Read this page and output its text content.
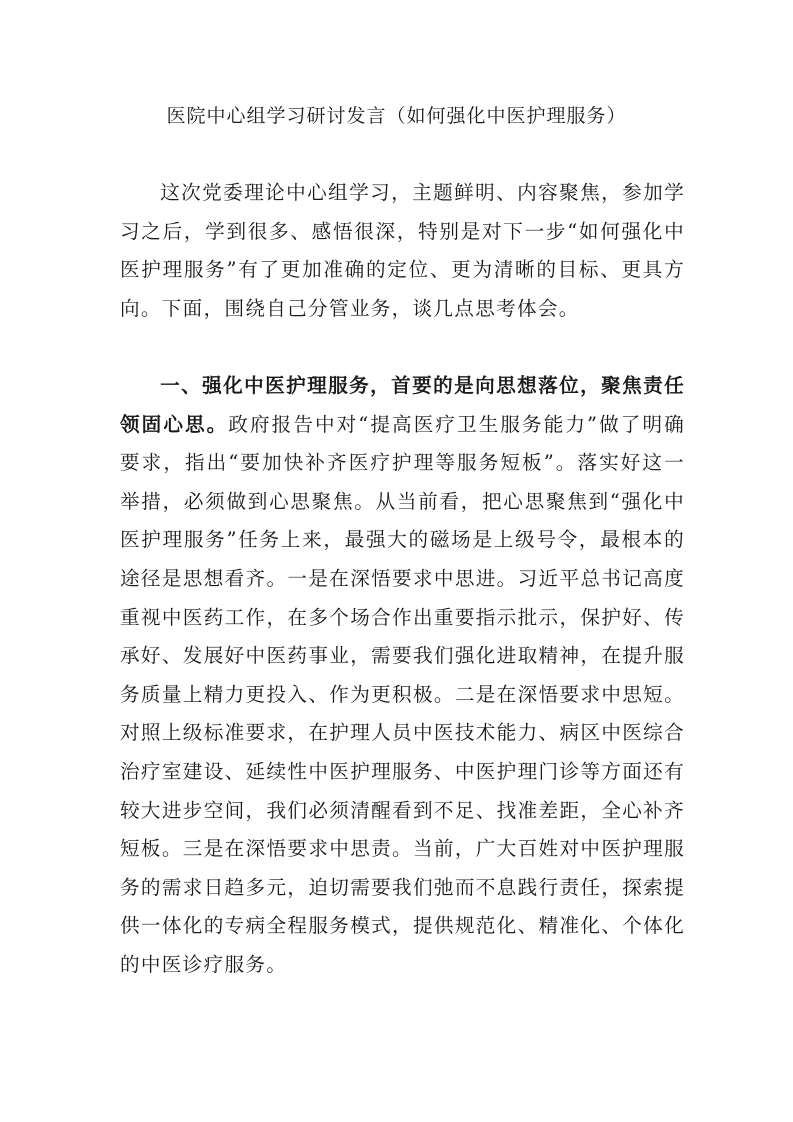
医院中心组学习研讨发言（如何强化中医护理服务）

这次党委理论中心组学习，主题鲜明、内容聚焦，参加学习之后，学到很多、感悟很深，特别是对下一步“如何强化中医护理服务”有了更加准确的定位、更为清晰的目标、更具方向。下面，围绕自己分管业务，谈几点思考体会。

一、强化中医护理服务，首要的是向思想落位，聚焦责任领固心思。政府报告中对“提高医疗卫生服务能力”做了明确要求，指出“要加快补齐医疗护理等服务短板”。落实好这一举措，必须做到心思聚焦。从当前看，把心思聚焦到“强化中医护理服务”任务上来，最强大的磁场是上级号令，最根本的途径是思想看齐。一是在深悟要求中思进。习近平总书记高度重视中医药工作，在多个场合作出重要指示批示，保护好、传承好、发展好中医药事业，需要我们强化进取精神，在提升服务质量上精力更投入、作为更积极。二是在深悟要求中思短。对照上级标准要求，在护理人员中医技术能力、病区中医综合治疗室建设、延续性中医护理服务、中医护理门诊等方面还有较大进步空间，我们必须清醒看到不足、找准差距，全心补齐短板。三是在深悟要求中思责。当前，广大百姓对中医护理服务的需求日趋多元，迫切需要我们弛而不息践行责任，探索提供一体化的专病全程服务模式，提供规范化、精准化、个体化的中医诊疗服务。
